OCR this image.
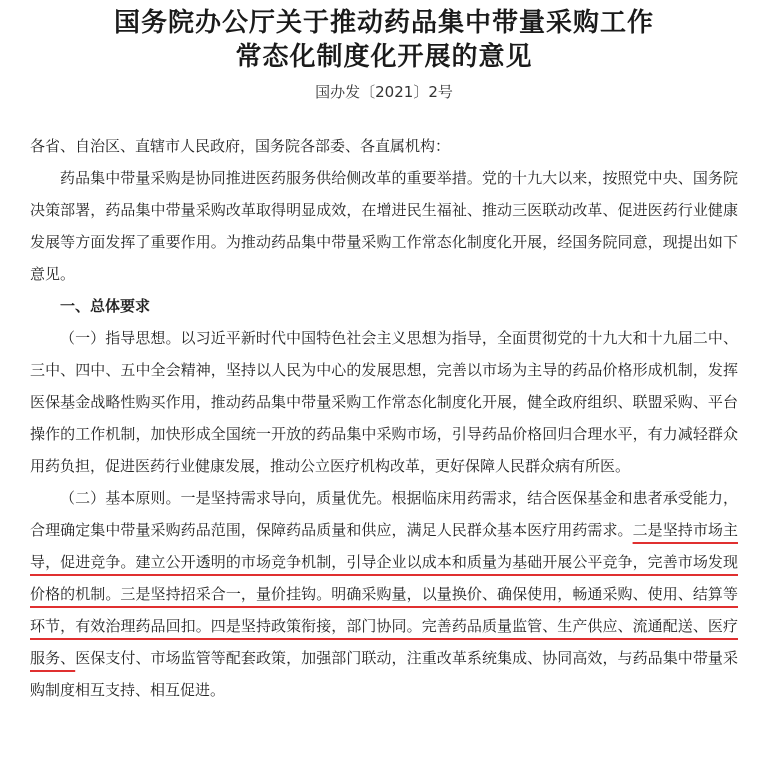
国务院办公厅关于推动药品集中带量采购工作
常态化制度化开展的意见
国办发〔2021〕2号

各省、自治区、直辖市人民政府，国务院各部委、各直属机构：

药品集中带量采购是协同推进医药服务供给侧改革的重要举措。党的十九大以来，按照党中央、国务院决策部署，药品集中带量采购改革取得明显成效，在增进民生福祉、推动三医联动改革、促进医药行业健康发展等方面发挥了重要作用。为推动药品集中带量采购工作常态化制度化开展，经国务院同意，现提出如下意见。

一、总体要求

（一）指导思想。以习近平新时代中国特色社会主义思想为指导，全面贯彻党的十九大和十九届二中、三中、四中、五中全会精神，坚持以人民为中心的发展思想，完善以市场为主导的药品价格形成机制，发挥医保基金战略性购买作用，推动药品集中带量采购工作常态化制度化开展，健全政府组织、联盟采购、平台操作的工作机制，加快形成全国统一开放的药品集中采购市场，引导药品价格回归合理水平，有力减轻群众用药负担，促进医药行业健康发展，推动公立医疗机构改革，更好保障人民群众病有所医。

（二）基本原则。一是坚持需求导向，质量优先。根据临床用药需求，结合医保基金和患者承受能力，合理确定集中带量采购药品范围，保障药品质量和供应，满足人民群众基本医疗用药需求。二是坚持市场主导，促进竞争。建立公开透明的市场竞争机制，引导企业以成本和质量为基础开展公平竞争，完善市场发现价格的机制。三是坚持招采合一，量价挂钩。明确采购量，以量换价、确保使用，畅通采购、使用、结算等环节，有效治理药品回扣。四是坚持政策衔接，部门协同。完善药品质量监管、生产供应、流通配送、医疗服务、医保支付、市场监管等配套政策，加强部门联动，注重改革系统集成、协同高效，与药品集中带量采购制度相互支持、相互促进。
